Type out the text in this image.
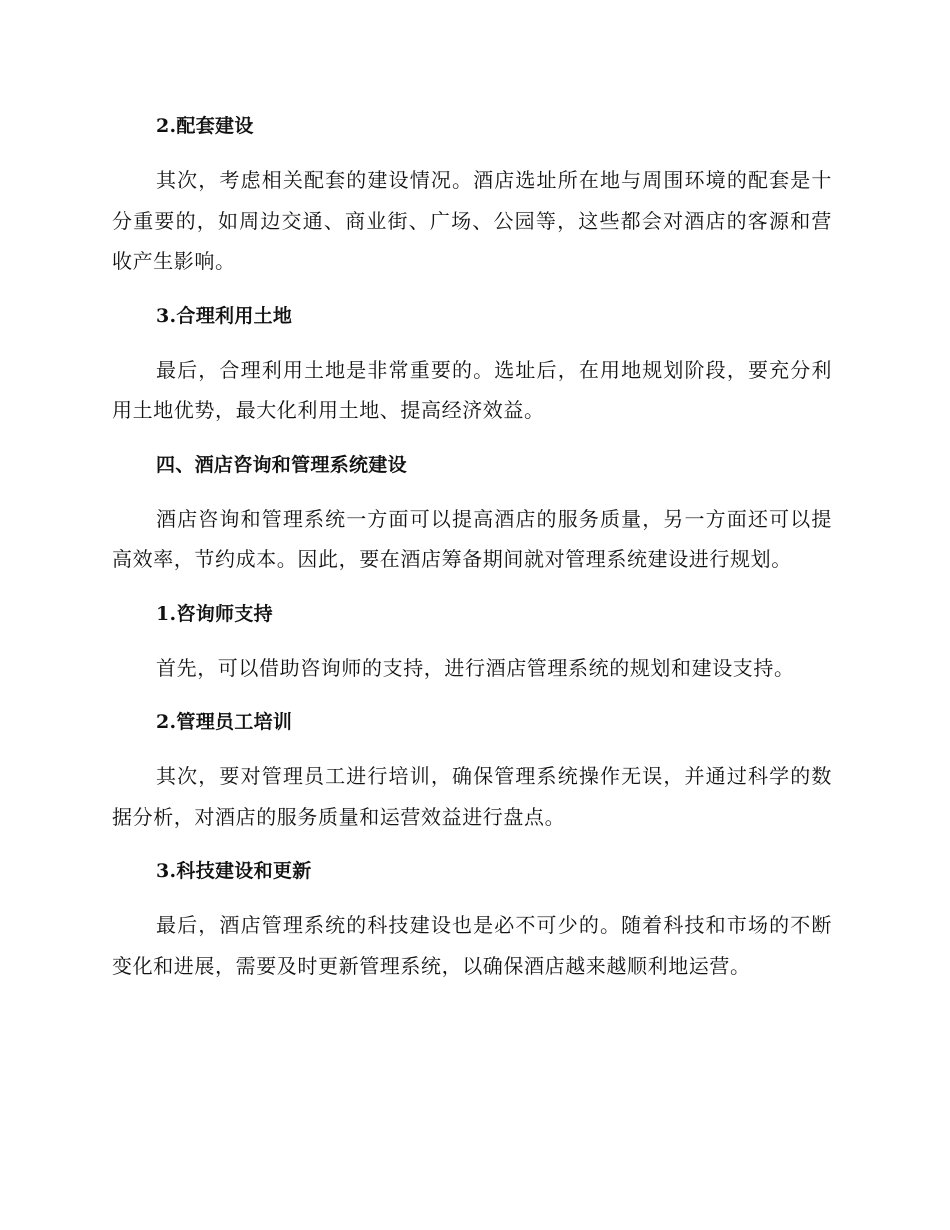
2.配套建设

其次，考虑相关配套的建设情况。酒店选址所在地与周围环境的配套是十分重要的，如周边交通、商业街、广场、公园等，这些都会对酒店的客源和营收产生影响。

3.合理利用土地

最后，合理利用土地是非常重要的。选址后，在用地规划阶段，要充分利用土地优势，最大化利用土地、提高经济效益。

四、酒店咨询和管理系统建设

酒店咨询和管理系统一方面可以提高酒店的服务质量，另一方面还可以提高效率，节约成本。因此，要在酒店筹备期间就对管理系统建设进行规划。

1.咨询师支持

首先，可以借助咨询师的支持，进行酒店管理系统的规划和建设支持。

2.管理员工培训

其次，要对管理员工进行培训，确保管理系统操作无误，并通过科学的数据分析，对酒店的服务质量和运营效益进行盘点。

3.科技建设和更新

最后，酒店管理系统的科技建设也是必不可少的。随着科技和市场的不断变化和进展，需要及时更新管理系统，以确保酒店越来越顺利地运营。
